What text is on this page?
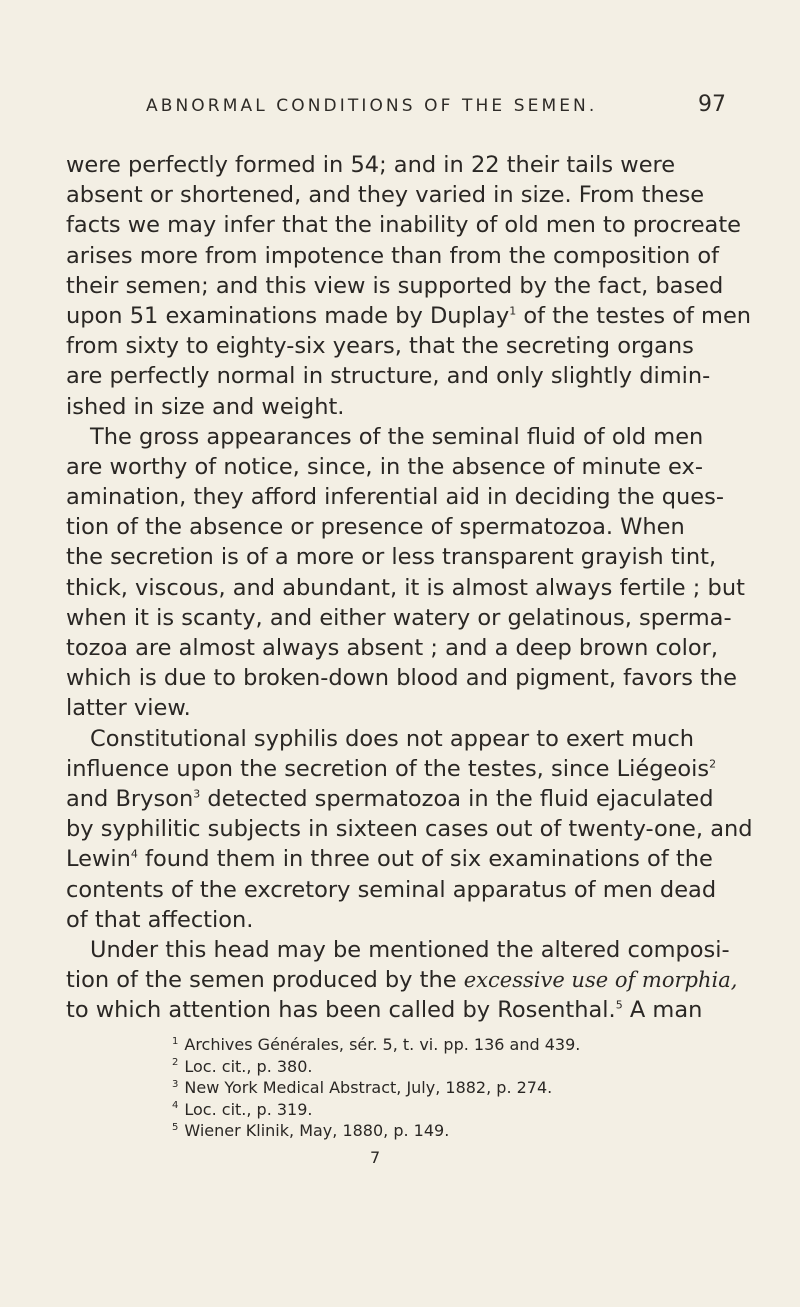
ABNORMAL CONDITIONS OF THE SEMEN.	97
were perfectly formed in 54; and in 22 their tails were
absent or shortened, and they varied in size. From these
facts we may infer that the inability of old men to procreate
arises more from impotence than from the composition of
their semen; and this view is supported by the fact, based
upon 51 examinations made by Duplay$^1$ of the testes of men
from sixty to eighty-six years, that the secreting organs
are perfectly normal in structure, and only slightly dimin-
ished in size and weight.
The gross appearances of the seminal fluid of old men
are worthy of notice, since, in the absence of minute ex-
amination, they afford inferential aid in deciding the ques-
tion of the absence or presence of spermatozoa. When
the secretion is of a more or less transparent grayish tint,
thick, viscous, and abundant, it is almost always fertile ; but
when it is scanty, and either watery or gelatinous, sperma-
tozoa are almost always absent ; and a deep brown color,
which is due to broken-down blood and pigment, favors the
latter view.
Constitutional syphilis does not appear to exert much
influence upon the secretion of the testes, since Liégeois$^2$
and Bryson$^3$ detected spermatozoa in the fluid ejaculated
by syphilitic subjects in sixteen cases out of twenty-one, and
Lewin$^4$ found them in three out of six examinations of the
contents of the excretory seminal apparatus of men dead
of that affection.
Under this head may be mentioned the altered composi-
tion of the semen produced by the excessive use of morphia,
to which attention has been called by Rosenthal.$^5$ A man
$^1$ Archives Générales, sér. 5, t. vi. pp. 136 and 439.
$^2$ Loc. cit., p. 380.
$^3$ New York Medical Abstract, July, 1882, p. 274.
$^4$ Loc. cit., p. 319.
$^5$ Wiener Klinik, May, 1880, p. 149.
7
